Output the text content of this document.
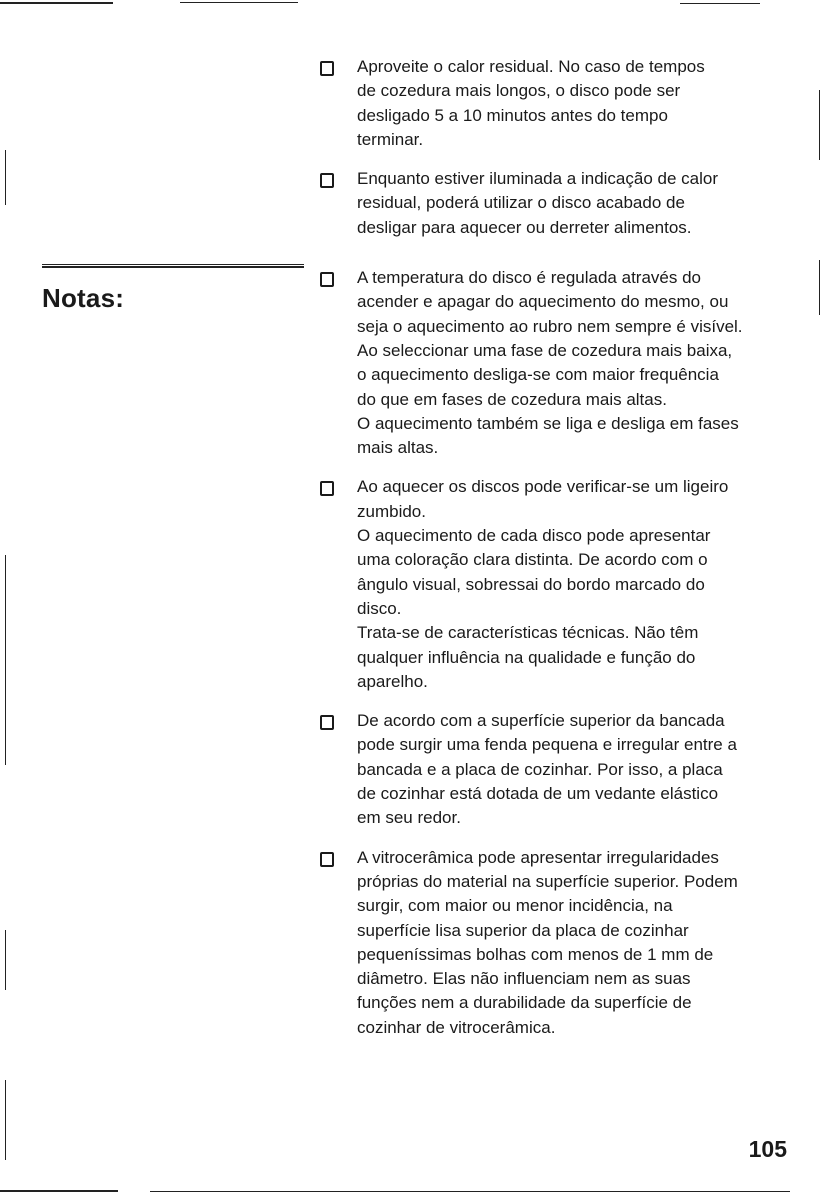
Notas:
Aproveite o calor residual. No caso de tempos
de cozedura mais longos, o disco pode ser
desligado 5 a 10 minutos antes do tempo
terminar.
Enquanto estiver iluminada a indicação de calor
residual, poderá utilizar o disco acabado de
desligar para aquecer ou derreter alimentos.
A temperatura do disco é regulada através do
acender e apagar do aquecimento do mesmo, ou
seja o aquecimento ao rubro nem sempre é visível.
Ao seleccionar uma fase de cozedura mais baixa,
o aquecimento desliga-se com maior frequência
do que em fases de cozedura mais altas.
O aquecimento também se liga e desliga em fases
mais altas.
Ao aquecer os discos pode verificar-se um ligeiro
zumbido.
O aquecimento de cada disco pode apresentar
uma coloração clara distinta. De acordo com o
ângulo visual, sobressai do bordo marcado do
disco.
Trata-se de características técnicas. Não têm
qualquer influência na qualidade e função do
aparelho.
De acordo com a superfície superior da bancada
pode surgir uma fenda pequena e irregular entre a
bancada e a placa de cozinhar. Por isso, a placa
de cozinhar está dotada de um vedante elástico
em seu redor.
A vitrocerâmica pode apresentar irregularidades
próprias do material na superfície superior. Podem
surgir, com maior ou menor incidência, na
superfície lisa superior da placa de cozinhar
pequeníssimas bolhas com menos de 1 mm de
diâmetro. Elas não influenciam nem as suas
funções nem a durabilidade da superfície de
cozinhar de vitrocerâmica.
105
